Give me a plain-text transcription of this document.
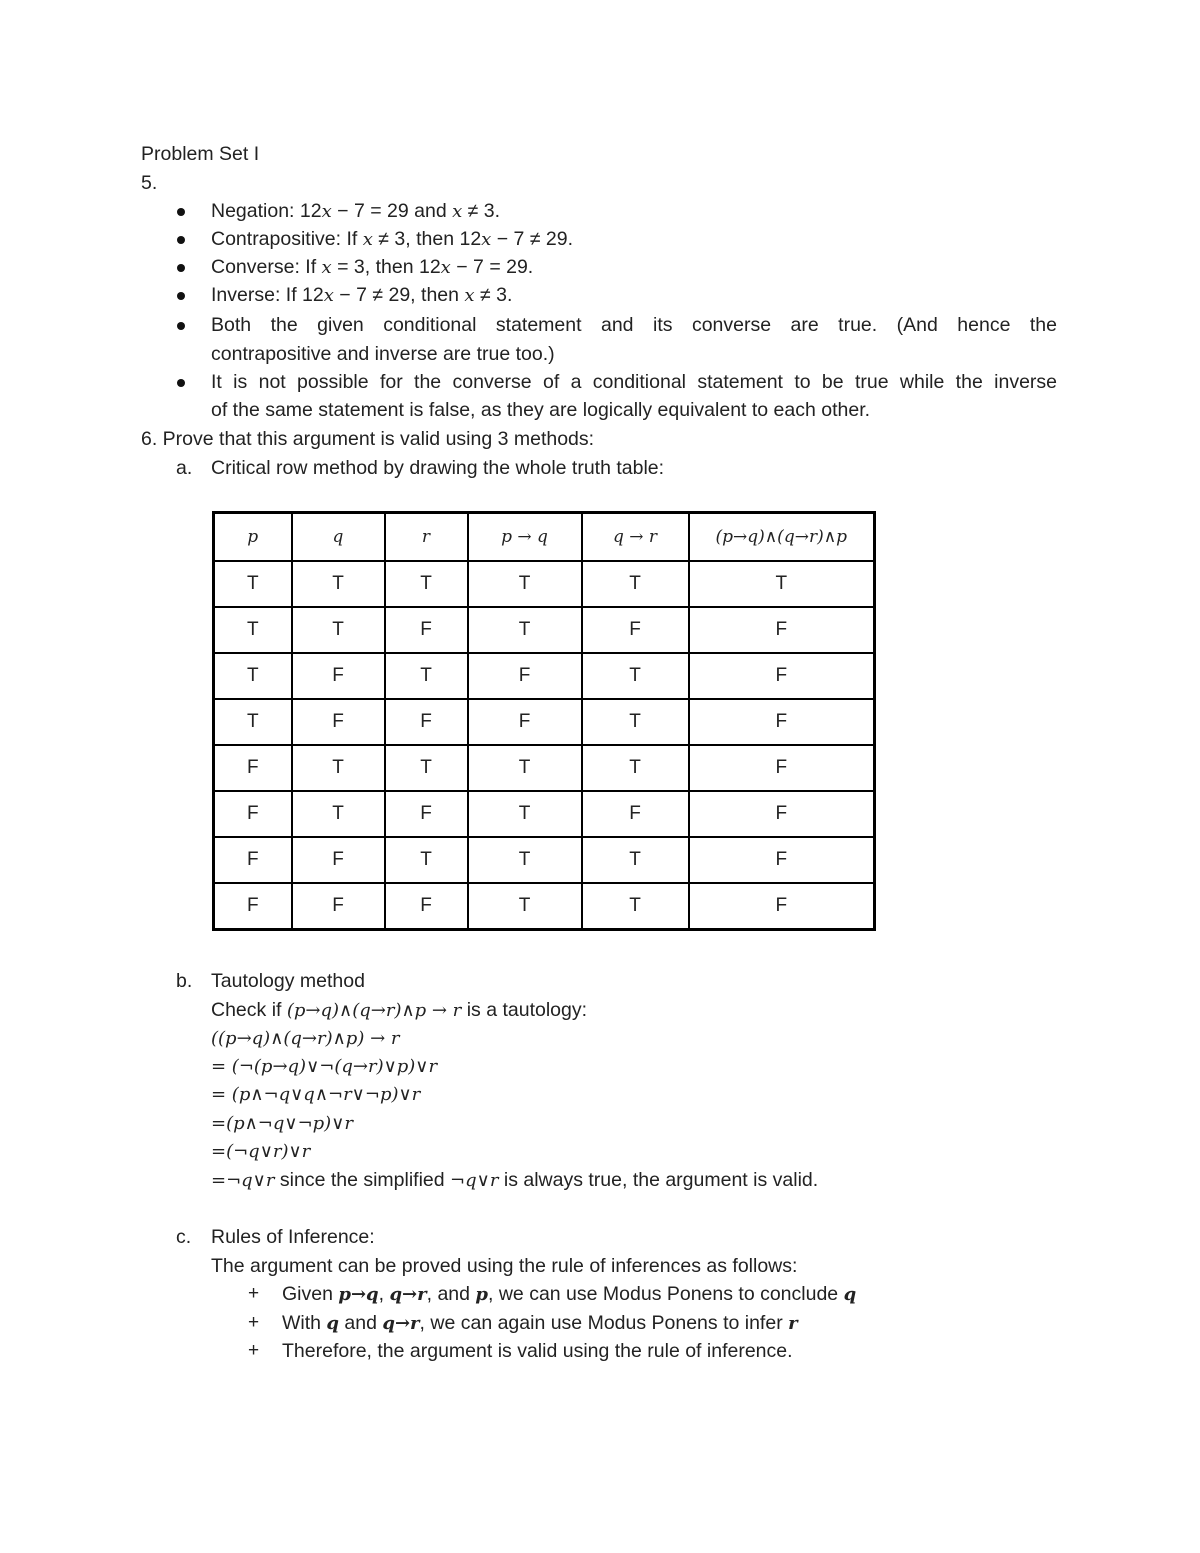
Problem Set I
5.
Negation: 12x − 7 = 29 and x ≠ 3.
Contrapositive: If x ≠ 3, then 12x − 7 ≠ 29.
Converse: If x = 3, then 12x − 7 = 29.
Inverse: If 12x − 7 ≠ 29, then x ≠ 3.
Both the given conditional statement and its converse are true. (And hence the
contrapositive and inverse are true too.)
It is not possible for the converse of a conditional statement to be true while the inverse
of the same statement is false, as they are logically equivalent to each other.
6. Prove that this argument is valid using 3 methods:
a. Critical row method by drawing the whole truth table:
p	q	r	p → q	q → r	(p→q)∧(q→r)∧p
T	T	T	T	T	T
T	T	F	T	F	F
T	F	T	F	T	F
T	F	F	F	T	F
F	T	T	T	T	F
F	T	F	T	F	F
F	F	T	T	T	F
F	F	F	T	T	F
b. Tautology method
Check if (p→q)∧(q→r)∧p → r is a tautology:
((p→q)∧(q→r)∧p) → r
= (¬(p→q)∨¬(q→r)∨p)∨r
= (p∧¬q∨q∧¬r∨¬p)∨r
=(p∧¬q∨¬p)∨r
=(¬q∨r)∨r
=¬q∨r since the simplified ¬q∨r is always true, the argument is valid.
c. Rules of Inference:
The argument can be proved using the rule of inferences as follows:
+ Given p→q, q→r, and p, we can use Modus Ponens to conclude q
+ With q and q→r, we can again use Modus Ponens to infer r
+ Therefore, the argument is valid using the rule of inference.
